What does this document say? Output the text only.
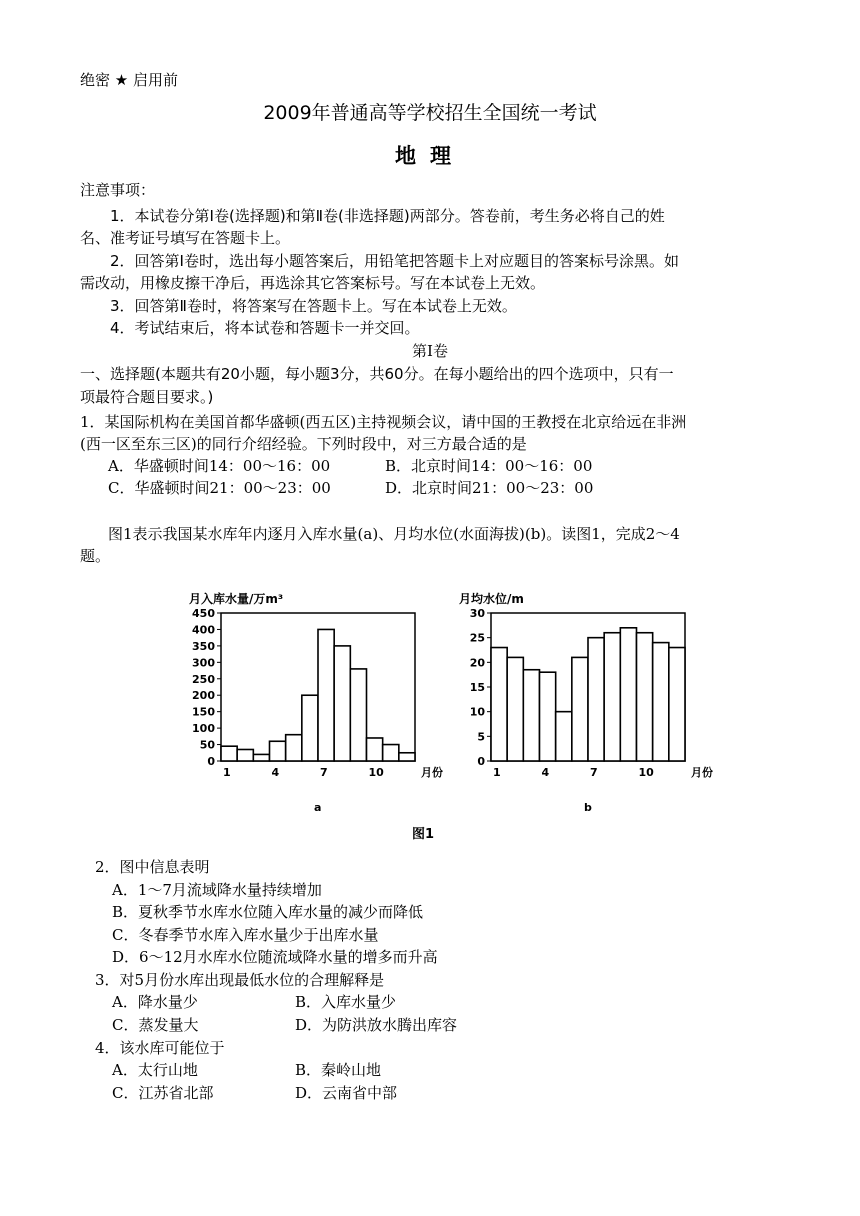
绝密 ★ 启用前
2009年普通高等学校招生全国统一考试
地理
注意事项：
1．本试卷分第Ⅰ卷(选择题)和第Ⅱ卷(非选择题)两部分。答卷前，考生务必将自己的姓
名、准考证号填写在答题卡上。
2．回答第Ⅰ卷时，选出每小题答案后，用铅笔把答题卡上对应题目的答案标号涂黑。如
需改动，用橡皮擦干净后，再选涂其它答案标号。写在本试卷上无效。
3．回答第Ⅱ卷时，将答案写在答题卡上。写在本试卷上无效。
4．考试结束后，将本试卷和答题卡一并交回。
第Ⅰ卷
一、选择题(本题共有20小题，每小题3分，共60分。在每小题给出的四个选项中，只有一
项最符合题目要求。)
1．某国际机构在美国首都华盛顿(西五区)主持视频会议，请中国的王教授在北京给远在非洲
(西一区至东三区)的同行介绍经验。下列时段中，对三方最合适的是
A．华盛顿时间14：00～16：00	B．北京时间14：00～16：00
C．华盛顿时间21：00～23：00	D．北京时间21：00～23：00
图1表示我国某水库年内逐月入库水量(a)、月均水位(水面海拔)(b)。读图1，完成2～4
题。
月入库水量/万m³
0
50
100
150
200
250
300
350
400
450
1	4	7	10	月份
a
月均水位/m
0
5
10
15
20
25
30
1	4	7	10	月份
b
图1
2．图中信息表明
A．1～7月流域降水量持续增加
B．夏秋季节水库水位随入库水量的减少而降低
C．冬春季节水库入库水量少于出库水量
D．6～12月水库水位随流域降水量的增多而升高
3．对5月份水库出现最低水位的合理解释是
A．降水量少	B．入库水量少
C．蒸发量大	D．为防洪放水腾出库容
4．该水库可能位于
A．太行山地	B．秦岭山地
C．江苏省北部	D．云南省中部
